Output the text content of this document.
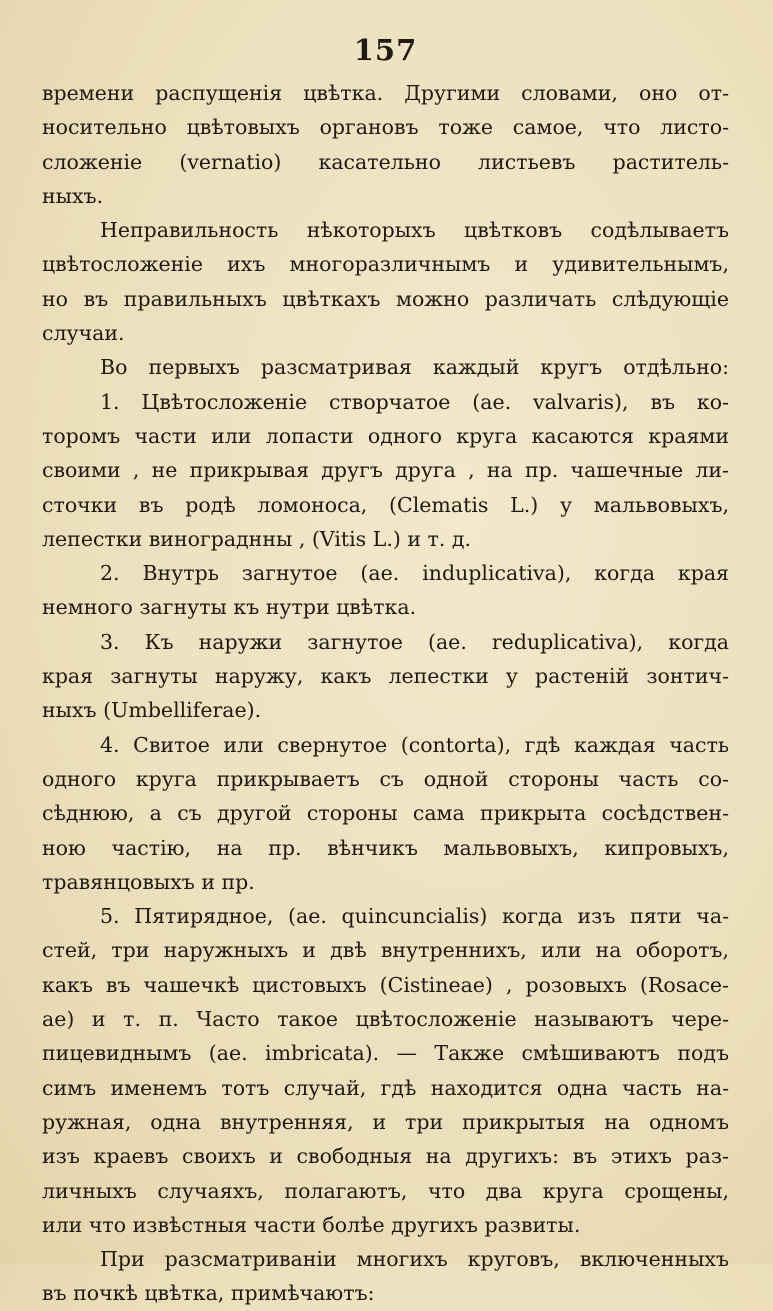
157
времени распущенія цвѣтка. Другими словами, оно от-
носительно цвѣтовыхъ органовъ тоже самое, что листо-
сложеніе (vernatio) касательно листьевъ раститель-
ныхъ.
Неправильность нѣкоторыхъ цвѣтковъ содѣлываетъ
цвѣтосложеніе ихъ многоразличнымъ и удивительнымъ,
но въ правильныхъ цвѣткахъ можно различать слѣдующіе
случаи.
Во первыхъ разсматривая каждый кругъ отдѣльно:
1. Цвѣтосложеніе створчатое (ae. valvaris), въ ко-
торомъ части или лопасти одного круга касаются краями
своими , не прикрывая другъ друга , на пр. чашечные ли-
сточки въ родѣ ломоноса, (Clematis L.) у мальвовыхъ,
лепестки винограднны , (Vitis L.) и т. д.
2. Внутрь загнутое (ae. induplicativa), когда края
немного загнуты къ нутри цвѣтка.
3. Къ наружи загнутое (ae. reduplicativa), когда
края загнуты наружу, какъ лепестки у растеній зонтич-
ныхъ (Umbelliferae).
4. Свитое или свернутое (contorta), гдѣ каждая часть
одного круга прикрываетъ съ одной стороны часть со-
сѣднюю, а съ другой стороны сама прикрыта сосѣдствен-
ною частію, на пр. вѣнчикъ мальвовыхъ, кипровыхъ,
травянцовыхъ и пр.
5. Пятирядное, (ae. quincuncialis) когда изъ пяти ча-
стей, три наружныхъ и двѣ внутреннихъ, или на оборотъ,
какъ въ чашечкѣ цистовыхъ (Cistineae) , розовыхъ (Rosace-
ae) и т. п. Часто такое цвѣтосложеніе называютъ чере-
пицевиднымъ (ae. imbricata). — Также смѣшиваютъ подъ
симъ именемъ тотъ случай, гдѣ находится одна часть на-
ружная, одна внутренняя, и три прикрытыя на одномъ
изъ краевъ своихъ и свободныя на другихъ: въ этихъ раз-
личныхъ случаяхъ, полагаютъ, что два круга срощены,
или что извѣстныя части болѣе другихъ развиты.
При разсматриваніи многихъ круговъ, включенныхъ
въ почкѣ цвѣтка, примѣчаютъ:
